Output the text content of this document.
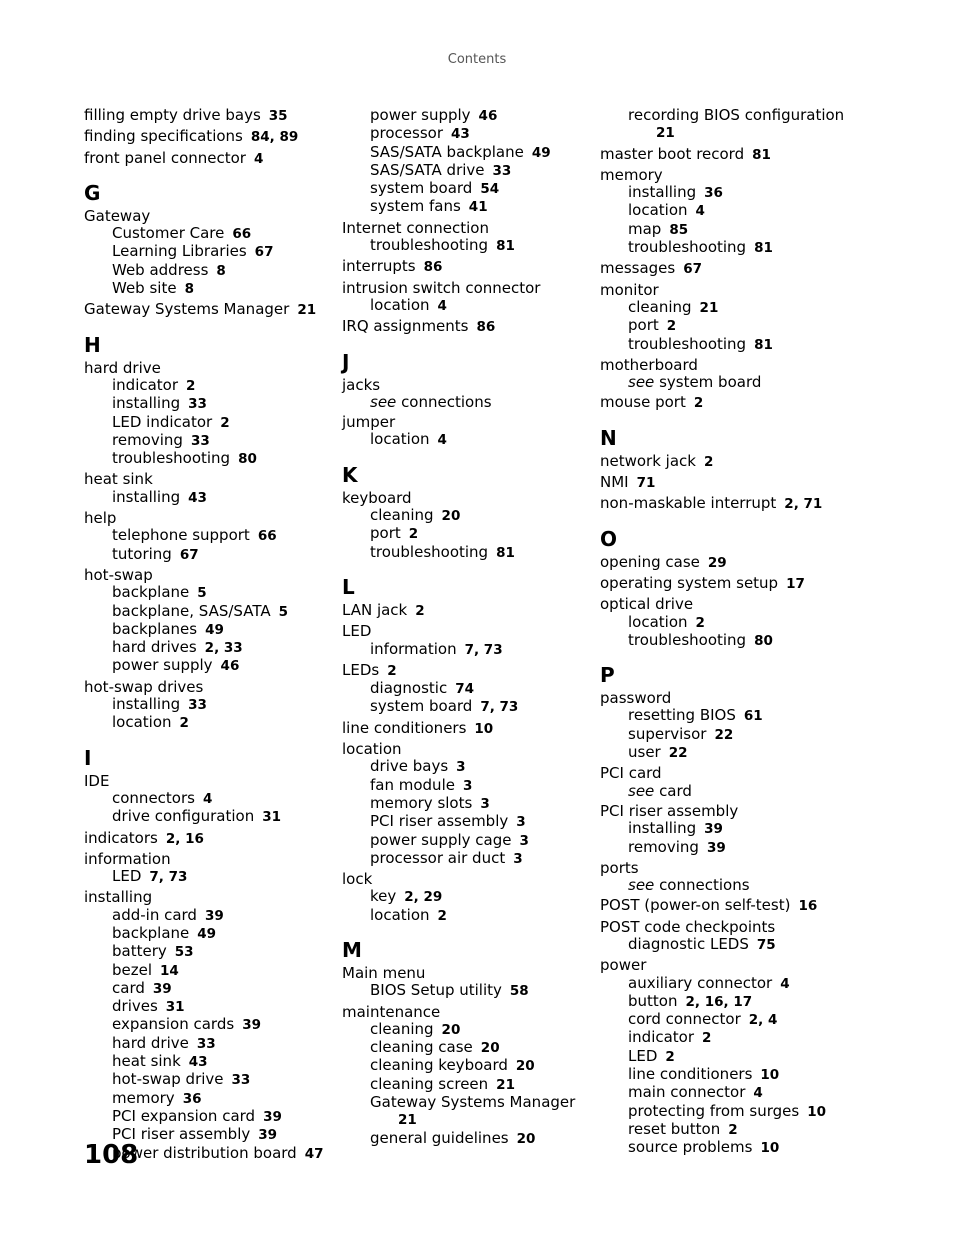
Contents
filling empty drive bays 35
finding specifications 84, 89
front panel connector 4
G
Gateway
Customer Care 66
Learning Libraries 67
Web address 8
Web site 8
Gateway Systems Manager 21
H
hard drive
indicator 2
installing 33
LED indicator 2
removing 33
troubleshooting 80
heat sink
installing 43
help
telephone support 66
tutoring 67
hot-swap
backplane 5
backplane, SAS/SATA 5
backplanes 49
hard drives 2, 33
power supply 46
hot-swap drives
installing 33
location 2
I
IDE
connectors 4
drive configuration 31
indicators 2, 16
information
LED 7, 73
installing
add-in card 39
backplane 49
battery 53
bezel 14
card 39
drives 31
expansion cards 39
hard drive 33
heat sink 43
hot-swap drive 33
memory 36
PCI expansion card 39
PCI riser assembly 39
power distribution board 47
power supply 46
processor 43
SAS/SATA backplane 49
SAS/SATA drive 33
system board 54
system fans 41
Internet connection
troubleshooting 81
interrupts 86
intrusion switch connector
location 4
IRQ assignments 86
J
jacks
see connections
jumper
location 4
K
keyboard
cleaning 20
port 2
troubleshooting 81
L
LAN jack 2
LED
information 7, 73
LEDs 2
diagnostic 74
system board 7, 73
line conditioners 10
location
drive bays 3
fan module 3
memory slots 3
PCI riser assembly 3
power supply cage 3
processor air duct 3
lock
key 2, 29
location 2
M
Main menu
BIOS Setup utility 58
maintenance
cleaning 20
cleaning case 20
cleaning keyboard 20
cleaning screen 21
Gateway Systems Manager
21
general guidelines 20
recording BIOS configuration
21
master boot record 81
memory
installing 36
location 4
map 85
troubleshooting 81
messages 67
monitor
cleaning 21
port 2
troubleshooting 81
motherboard
see system board
mouse port 2
N
network jack 2
NMI 71
non-maskable interrupt 2, 71
O
opening case 29
operating system setup 17
optical drive
location 2
troubleshooting 80
P
password
resetting BIOS 61
supervisor 22
user 22
PCI card
see card
PCI riser assembly
installing 39
removing 39
ports
see connections
POST (power-on self-test) 16
POST code checkpoints
diagnostic LEDS 75
power
auxiliary connector 4
button 2, 16, 17
cord connector 2, 4
indicator 2
LED 2
line conditioners 10
main connector 4
protecting from surges 10
reset button 2
source problems 10
108
